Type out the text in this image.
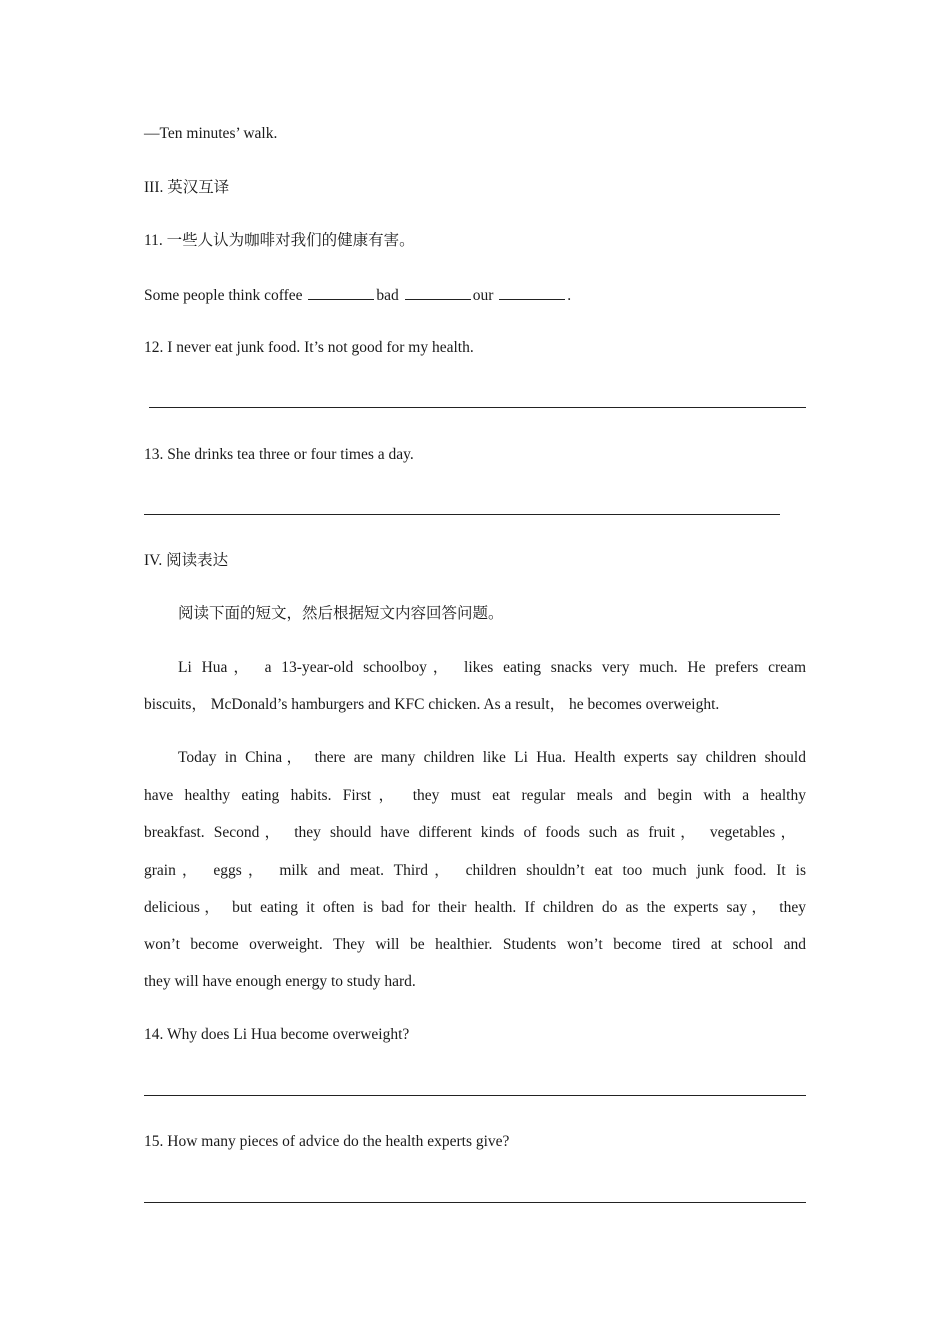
—Ten minutes’ walk.
III. 英汉互译
11. 一些人认为咖啡对我们的健康有害。
Some people think coffee	bad	our	.
12. I never eat junk food. It’s not good for my health.
13. She drinks tea three or four times a day.
IV. 阅读表达
阅读下面的短文，然后根据短文内容回答问题。
Li Hua， a 13-year-old schoolboy， likes eating snacks very much. He prefers cream
biscuits， McDonald’s hamburgers and KFC chicken. As a result， he becomes overweight.
Today in China， there are many children like Li Hua. Health experts say children should
have healthy eating habits. First， they must eat regular meals and begin with a healthy
breakfast. Second， they should have different kinds of foods such as fruit， vegetables，
grain， eggs， milk and meat. Third， children shouldn’t eat too much junk food. It is
delicious， but eating it often is bad for their health. If children do as the experts say， they
won’t become overweight. They will be healthier. Students won’t become tired at school and
they will have enough energy to study hard.
14. Why does Li Hua become overweight?
15. How many pieces of advice do the health experts give?
